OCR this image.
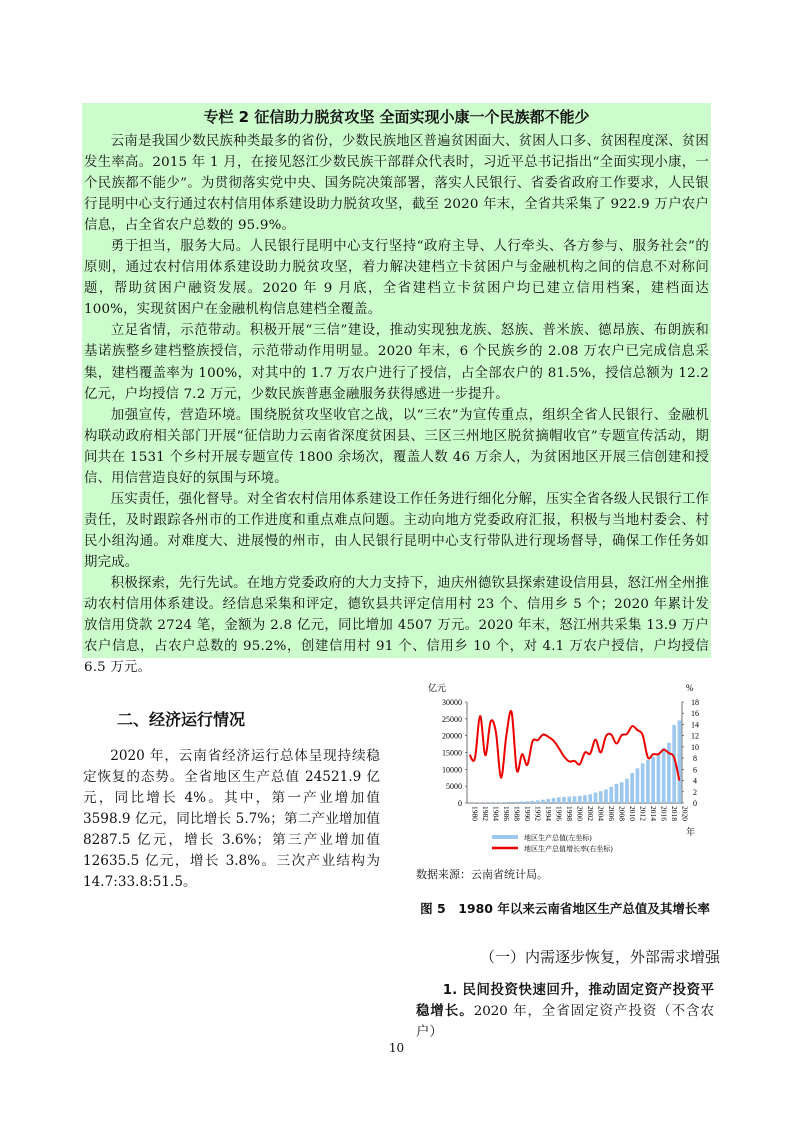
专栏 2 征信助力脱贫攻坚 全面实现小康一个民族都不能少

云南是我国少数民族种类最多的省份，少数民族地区普遍贫困面大、贫困人口多、贫困程度深、贫困发生率高。2015 年 1 月，在接见怒江少数民族干部群众代表时，习近平总书记指出“全面实现小康，一个民族都不能少”。为贯彻落实党中央、国务院决策部署，落实人民银行、省委省政府工作要求，人民银行昆明中心支行通过农村信用体系建设助力脱贫攻坚，截至 2020 年末，全省共采集了 922.9 万户农户信息，占全省农户总数的 95.9%。

勇于担当，服务大局。人民银行昆明中心支行坚持“政府主导、人行牵头、各方参与、服务社会”的原则，通过农村信用体系建设助力脱贫攻坚，着力解决建档立卡贫困户与金融机构之间的信息不对称问题，帮助贫困户融资发展。2020 年 9 月底，全省建档立卡贫困户均已建立信用档案，建档面达 100%，实现贫困户在金融机构信息建档全覆盖。

立足省情，示范带动。积极开展“三信”建设，推动实现独龙族、怒族、普米族、德昂族、布朗族和基诺族整乡建档整族授信，示范带动作用明显。2020 年末，6 个民族乡的 2.08 万农户已完成信息采集，建档覆盖率为 100%，对其中的 1.7 万农户进行了授信，占全部农户的 81.5%，授信总额为 12.2 亿元，户均授信 7.2 万元，少数民族普惠金融服务获得感进一步提升。

加强宣传，营造环境。围绕脱贫攻坚收官之战，以“三农”为宣传重点，组织全省人民银行、金融机构联动政府相关部门开展“征信助力云南省深度贫困县、三区三州地区脱贫摘帽收官”专题宣传活动，期间共在 1531 个乡村开展专题宣传 1800 余场次，覆盖人数 46 万余人，为贫困地区开展三信创建和授信、用信营造良好的氛围与环境。

压实责任，强化督导。对全省农村信用体系建设工作任务进行细化分解，压实全省各级人民银行工作责任，及时跟踪各州市的工作进度和重点难点问题。主动向地方党委政府汇报，积极与当地村委会、村民小组沟通。对难度大、进展慢的州市，由人民银行昆明中心支行带队进行现场督导，确保工作任务如期完成。

积极探索，先行先试。在地方党委政府的大力支持下，迪庆州德钦县探索建设信用县，怒江州全州推动农村信用体系建设。经信息采集和评定，德钦县共评定信用村 23 个、信用乡 5 个；2020 年累计发放信用贷款 2724 笔，金额为 2.8 亿元，同比增加 4507 万元。2020 年末，怒江州共采集 13.9 万户农户信息，占农户总数的 95.2%，创建信用村 91 个、信用乡 10 个，对 4.1 万农户授信，户均授信 6.5 万元。

二、经济运行情况

2020 年，云南省经济运行总体呈现持续稳定恢复的态势。全省地区生产总值 24521.9 亿元，同比增长 4%。其中，第一产业增加值 3598.9 亿元，同比增长 5.7%；第二产业增加值 8287.5 亿元，增长 3.6%；第三产业增加值 12635.5 亿元，增长 3.8%。三次产业结构为 14.7:33.8:51.5。

亿元	%
年
0
5000
10000
15000
20000
25000
30000
0
2
4
6
8
10
12
14
16
18
1980 1982 1984 1986 1988 1990 1992 1994 1996 1998 2000 2002 2004 2006 2008 2010 2012 2014 2016 2018 2020
地区生产总值(左坐标)
地区生产总值增长率(右坐标)
数据来源：云南省统计局。
图 5　1980 年以来云南省地区生产总值及其增长率
（一）内需逐步恢复，外部需求增强

1. 民间投资快速回升，推动固定资产投资平稳增长。2020 年，全省固定资产投资（不含农户）

10
